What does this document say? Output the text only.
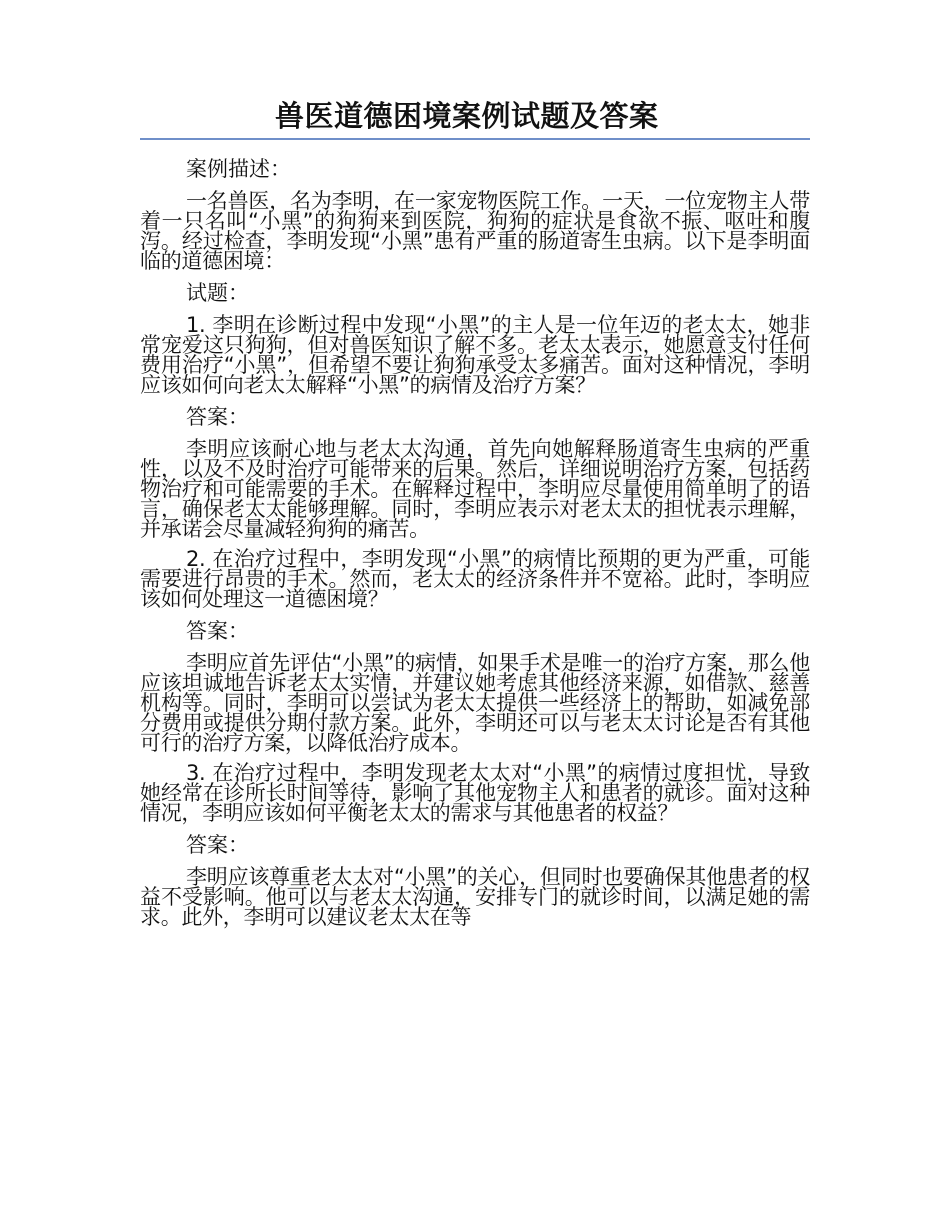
兽医道德困境案例试题及答案
案例描述：

一名兽医，名为李明，在一家宠物医院工作。一天，一位宠物主人带着一只名叫“小黑”的狗狗来到医院，狗狗的症状是食欲不振、呕吐和腹泻。经过检查，李明发现“小黑”患有严重的肠道寄生虫病。以下是李明面临的道德困境：

试题：

1. 李明在诊断过程中发现“小黑”的主人是一位年迈的老太太，她非常宠爱这只狗狗，但对兽医知识了解不多。老太太表示，她愿意支付任何费用治疗“小黑”，但希望不要让狗狗承受太多痛苦。面对这种情况，李明应该如何向老太太解释“小黑”的病情及治疗方案？

答案：

李明应该耐心地与老太太沟通，首先向她解释肠道寄生虫病的严重性，以及不及时治疗可能带来的后果。然后，详细说明治疗方案，包括药物治疗和可能需要的手术。在解释过程中，李明应尽量使用简单明了的语言，确保老太太能够理解。同时，李明应表示对老太太的担忧表示理解，并承诺会尽量减轻狗狗的痛苦。

2. 在治疗过程中，李明发现“小黑”的病情比预期的更为严重，可能需要进行昂贵的手术。然而，老太太的经济条件并不宽裕。此时，李明应该如何处理这一道德困境？

答案：

李明应首先评估“小黑”的病情，如果手术是唯一的治疗方案，那么他应该坦诚地告诉老太太实情，并建议她考虑其他经济来源，如借款、慈善机构等。同时，李明可以尝试为老太太提供一些经济上的帮助，如减免部分费用或提供分期付款方案。此外，李明还可以与老太太讨论是否有其他可行的治疗方案，以降低治疗成本。

3. 在治疗过程中，李明发现老太太对“小黑”的病情过度担忧，导致她经常在诊所长时间等待，影响了其他宠物主人和患者的就诊。面对这种情况，李明应该如何平衡老太太的需求与其他患者的权益？

答案：

李明应该尊重老太太对“小黑”的关心，但同时也要确保其他患者的权益不受影响。他可以与老太太沟通，安排专门的就诊时间，以满足她的需求。此外，李明可以建议老太太在等
